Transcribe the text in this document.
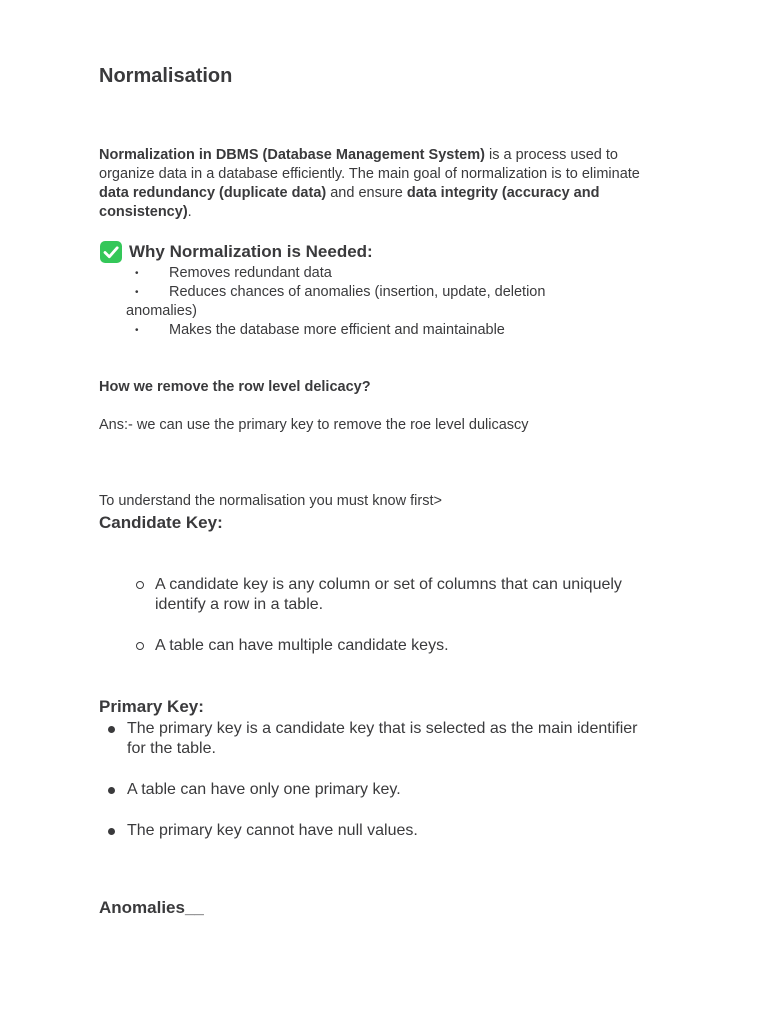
Normalisation
Normalization in DBMS (Database Management System) is a process used to organize data in a database efficiently. The main goal of normalization is to eliminate data redundancy (duplicate data) and ensure data integrity (accuracy and consistency).
Why Normalization is Needed:
• Removes redundant data
• Reduces chances of anomalies (insertion, update, deletion
anomalies)
• Makes the database more efficient and maintainable
How we remove the row level delicacy?
Ans:- we can use the primary key to remove the roe level dulicascy
To understand the normalisation you must know first>
Candidate Key:
A candidate key is any column or set of columns that can uniquely identify a row in a table.
A table can have multiple candidate keys.
Primary Key:
The primary key is a candidate key that is selected as the main identifier for the table.
A table can have only one primary key.
The primary key cannot have null values.
Anomalies__
